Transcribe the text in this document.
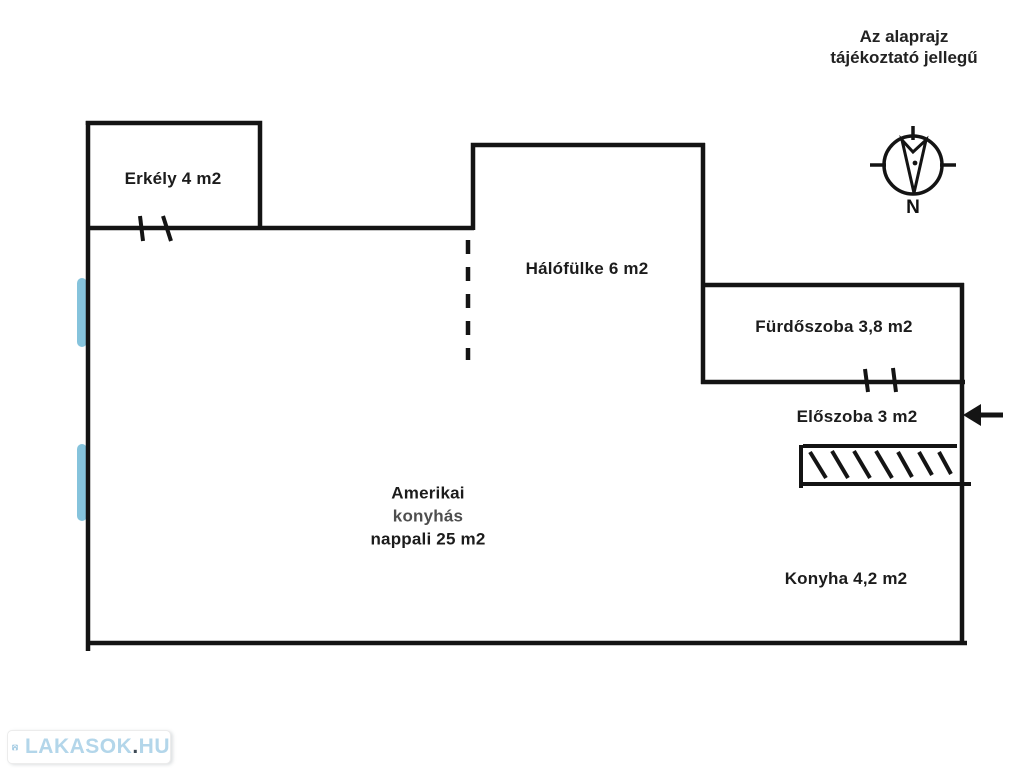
N
Az alaprajz
tájékoztató jellegű
Erkély 4 m2
Hálófülke 6 m2
Fürdőszoba 3,8 m2
Előszoba 3 m2
Amerikai
konyhás
nappali 25 m2
Konyha 4,2 m2
LAKASOK . HU
